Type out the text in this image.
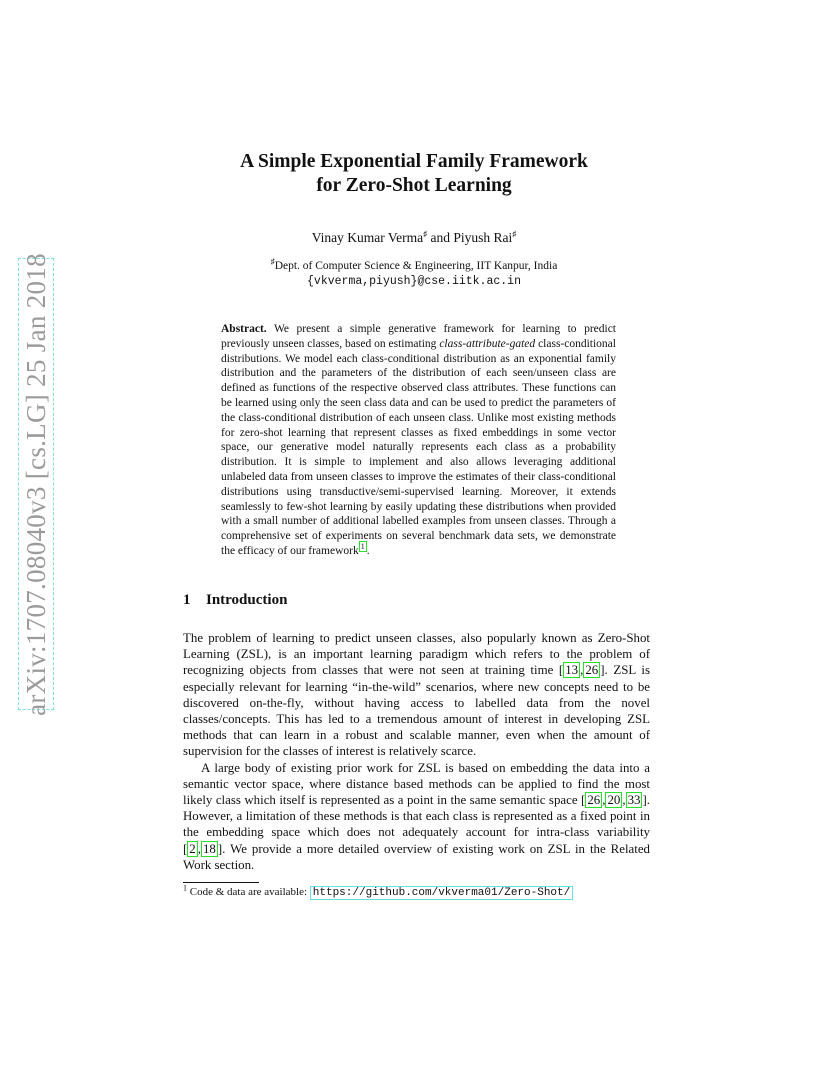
arXiv:1707.08040v3 [cs.LG] 25 Jan 2018
A Simple Exponential Family Framework
for Zero-Shot Learning
Vinay Kumar Verma♯ and Piyush Rai♯
♯Dept. of Computer Science & Engineering, IIT Kanpur, India
{vkverma,piyush}@cse.iitk.ac.in
Abstract. We present a simple generative framework for learning to predict previously unseen classes, based on estimating class-attribute-gated class-conditional distributions. We model each class-conditional distribution as an exponential family distribution and the parameters of the distribution of each seen/unseen class are defined as functions of the respective observed class attributes. These functions can be learned using only the seen class data and can be used to predict the parameters of the class-conditional distribution of each unseen class. Unlike most existing methods for zero-shot learning that represent classes as fixed embeddings in some vector space, our generative model naturally represents each class as a probability distribution. It is simple to implement and also allows leveraging additional unlabeled data from unseen classes to improve the estimates of their class-conditional distributions using transductive/semi-supervised learning. Moreover, it extends seamlessly to few-shot learning by easily updating these distributions when provided with a small number of additional labelled examples from unseen classes. Through a comprehensive set of experiments on several benchmark data sets, we demonstrate the efficacy of our framework $^1$ .
1 Introduction

The problem of learning to predict unseen classes, also popularly known as Zero-Shot Learning (ZSL), is an important learning paradigm which refers to the problem of recognizing objects from classes that were not seen at training time [ 13 , 26 ]. ZSL is especially relevant for learning “in-the-wild” scenarios, where new concepts need to be discovered on-the-fly, without having access to labelled data from the novel classes/concepts. This has led to a tremendous amount of interest in developing ZSL methods that can learn in a robust and scalable manner, even when the amount of supervision for the classes of interest is relatively scarce.

A large body of existing prior work for ZSL is based on embedding the data into a semantic vector space, where distance based methods can be applied to find the most likely class which itself is represented as a point in the same semantic space [ 26 , 20 , 33 ]. However, a limitation of these methods is that each class is represented as a fixed point in the embedding space which does not adequately account for intra-class variability [ 2 , 18 ]. We provide a more detailed overview of existing work on ZSL in the Related Work section.

$^1$ Code & data are available: https://github.com/vkverma01/Zero-Shot/
